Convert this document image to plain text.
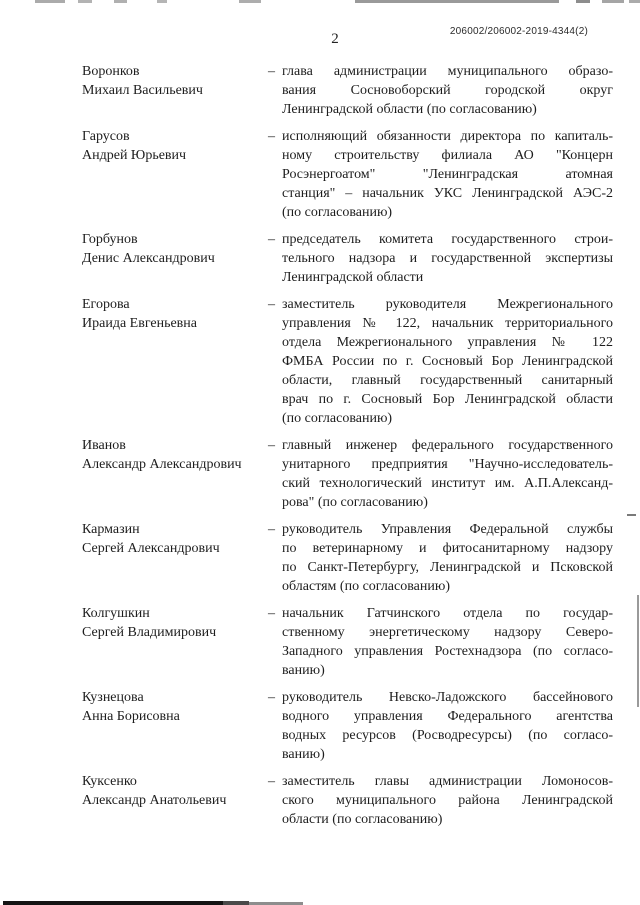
206002/206002-2019-4344(2)
2
Воронков
Михаил Васильевич
– глава администрации муниципального образо-
вания Сосновоборский городской округ
Ленинградской области (по согласованию)
Гарусов
Андрей Юрьевич
– исполняющий обязанности директора по капиталь-
ному строительству филиала АО "Концерн
Росэнергоатом" "Ленинградская атомная
станция" – начальник УКС Ленинградской АЭС-2
(по согласованию)
Горбунов
Денис Александрович
– председатель комитета государственного строи-
тельного надзора и государственной экспертизы
Ленинградской области
Егорова
Ираида Евгеньевна
– заместитель руководителя Межрегионального
управления № 122, начальник территориального
отдела Межрегионального управления № 122
ФМБА России по г. Сосновый Бор Ленинградской
области, главный государственный санитарный
врач по г. Сосновый Бор Ленинградской области
(по согласованию)
Иванов
Александр Александрович
– главный инженер федерального государственного
унитарного предприятия "Научно-исследователь-
ский технологический институт им. А.П.Александ-
рова" (по согласованию)
Кармазин
Сергей Александрович
– руководитель Управления Федеральной службы
по ветеринарному и фитосанитарному надзору
по Санкт-Петербургу, Ленинградской и Псковской
областям (по согласованию)
Колгушкин
Сергей Владимирович
– начальник Гатчинского отдела по государ-
ственному энергетическому надзору Северо-
Западного управления Ростехнадзора (по согласо-
ванию)
Кузнецова
Анна Борисовна
– руководитель Невско-Ладожского бассейнового
водного управления Федерального агентства
водных ресурсов (Росводресурсы) (по согласо-
ванию)
Куксенко
Александр Анатольевич
– заместитель главы администрации Ломоносов-
ского муниципального района Ленинградской
области (по согласованию)
